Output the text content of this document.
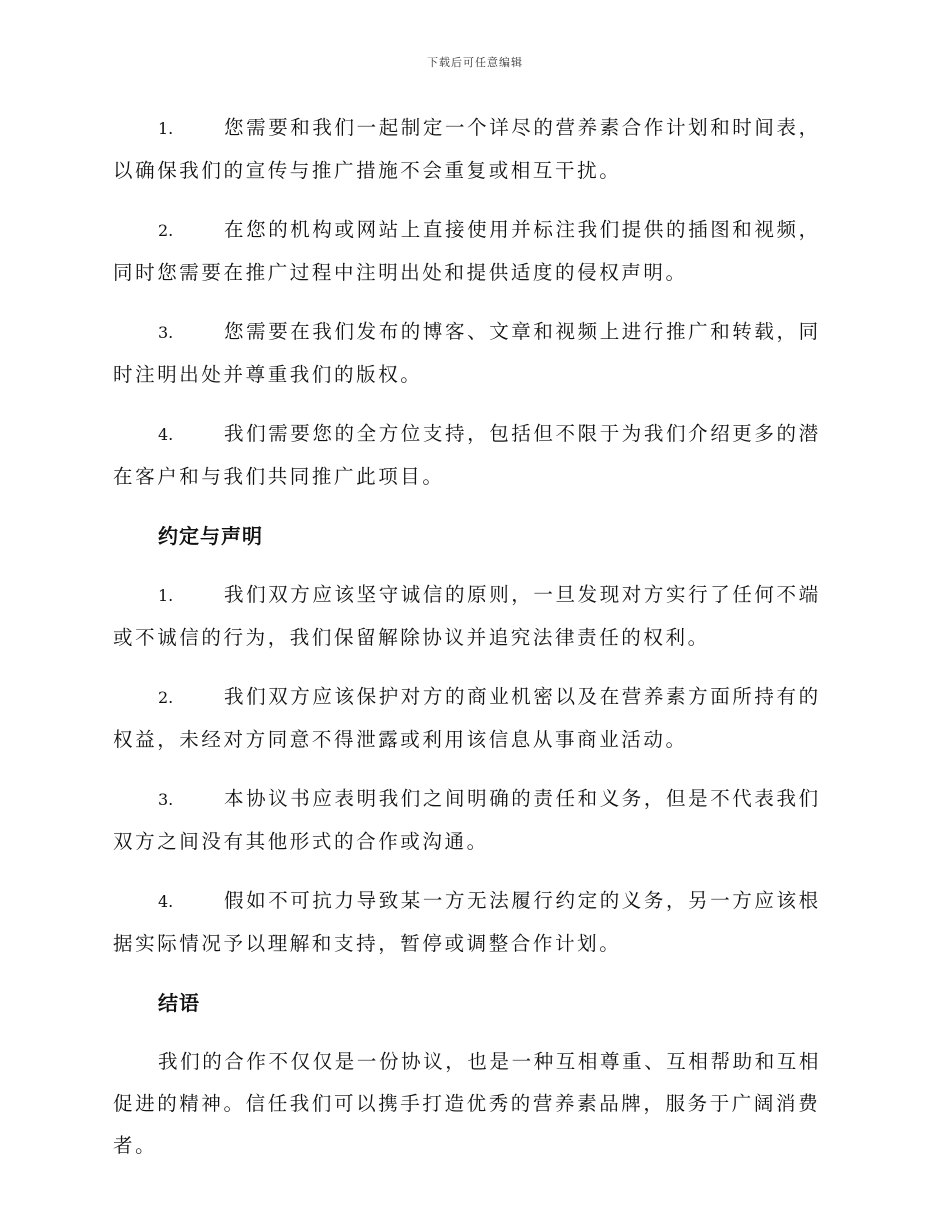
下载后可任意编辑

1.	您需要和我们一起制定一个详尽的营养素合作计划和时间表，以确保我们的宣传与推广措施不会重复或相互干扰。

2.	在您的机构或网站上直接使用并标注我们提供的插图和视频，同时您需要在推广过程中注明出处和提供适度的侵权声明。

3.	您需要在我们发布的博客、文章和视频上进行推广和转载，同时注明出处并尊重我们的版权。

4.	我们需要您的全方位支持，包括但不限于为我们介绍更多的潜在客户和与我们共同推广此项目。

约定与声明

1.	我们双方应该坚守诚信的原则，一旦发现对方实行了任何不端或不诚信的行为，我们保留解除协议并追究法律责任的权利。

2.	我们双方应该保护对方的商业机密以及在营养素方面所持有的权益，未经对方同意不得泄露或利用该信息从事商业活动。

3.	本协议书应表明我们之间明确的责任和义务，但是不代表我们双方之间没有其他形式的合作或沟通。

4.	假如不可抗力导致某一方无法履行约定的义务，另一方应该根据实际情况予以理解和支持，暂停或调整合作计划。

结语

我们的合作不仅仅是一份协议，也是一种互相尊重、互相帮助和互相促进的精神。信任我们可以携手打造优秀的营养素品牌，服务于广阔消费者。
